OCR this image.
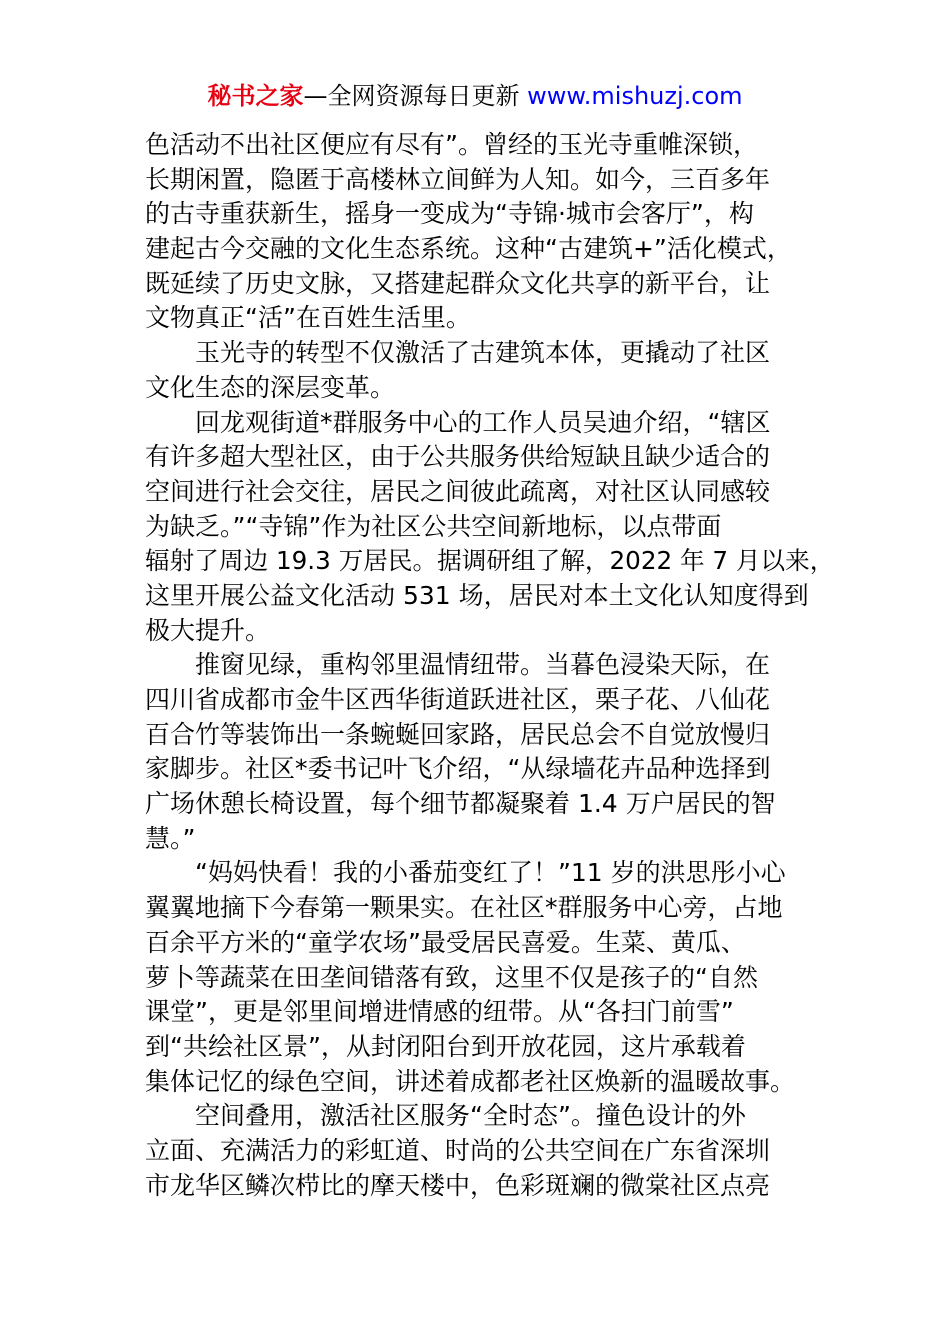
秘书之家—全网资源每日更新 www.mishuzj.com
色活动不出社区便应有尽有”。曾经的玉光寺重帷深锁，
长期闲置，隐匿于高楼林立间鲜为人知。如今，三百多年
的古寺重获新生，摇身一变成为“寺锦·城市会客厅”，构
建起古今交融的文化生态系统。这种“古建筑+”活化模式，
既延续了历史文脉，又搭建起群众文化共享的新平台，让
文物真正“活”在百姓生活里。
玉光寺的转型不仅激活了古建筑本体，更撬动了社区
文化生态的深层变革。
回龙观街道*群服务中心的工作人员吴迪介绍，“辖区
有许多超大型社区，由于公共服务供给短缺且缺少适合的
空间进行社会交往，居民之间彼此疏离，对社区认同感较
为缺乏。”“寺锦”作为社区公共空间新地标，以点带面
辐射了周边 19.3 万居民。据调研组了解，2022 年 7 月以来，
这里开展公益文化活动 531 场，居民对本土文化认知度得到
极大提升。
推窗见绿，重构邻里温情纽带。当暮色浸染天际，在
四川省成都市金牛区西华街道跃进社区，栗子花、八仙花
百合竹等装饰出一条蜿蜒回家路，居民总会不自觉放慢归
家脚步。社区*委书记叶飞介绍，“从绿墙花卉品种选择到
广场休憩长椅设置，每个细节都凝聚着 1.4 万户居民的智
慧。”
“妈妈快看！我的小番茄变红了！”11 岁的洪思彤小心
翼翼地摘下今春第一颗果实。在社区*群服务中心旁，占地
百余平方米的“童学农场”最受居民喜爱。生菜、黄瓜、
萝卜等蔬菜在田垄间错落有致，这里不仅是孩子的“自然
课堂”，更是邻里间增进情感的纽带。从“各扫门前雪”
到“共绘社区景”，从封闭阳台到开放花园，这片承载着
集体记忆的绿色空间，讲述着成都老社区焕新的温暖故事。
空间叠用，激活社区服务“全时态”。撞色设计的外
立面、充满活力的彩虹道、时尚的公共空间在广东省深圳
市龙华区鳞次栉比的摩天楼中，色彩斑斓的微棠社区点亮
